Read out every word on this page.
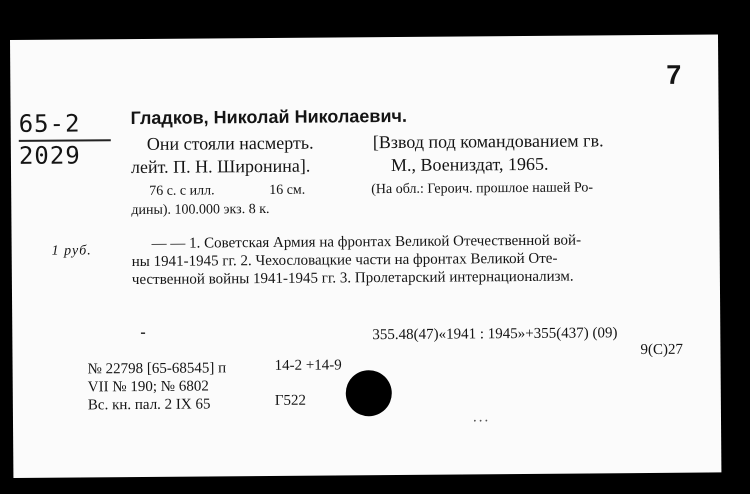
7
65-2
2029
Гладков, Николай Николаевич.
Они стояли насмерть.	[Взвод под командованием гв.
лейт. П. Н. Широнина].	М., Воениздат, 1965.
76 с. с илл.	16 см.	(На обл.: Героич. прошлое нашей Ро-
дины). 100.000 экз. 8 к.
1 руб.	— — 1. Советская Армия на фронтах Великой Отечественной вой-
ны 1941-1945 гг. 2. Чехословацкие части на фронтах Великой Оте-
чественной войны 1941-1945 гг. 3. Пролетарский интернационализм.
-	355.48(47)«1941 : 1945»+355(437) (09)
9(С)27
№ 22798 [65-68545] п	14-2 +14-9
VII № 190; № 6802
Вс. кн. пал. 2 IX 65	Г522
...
